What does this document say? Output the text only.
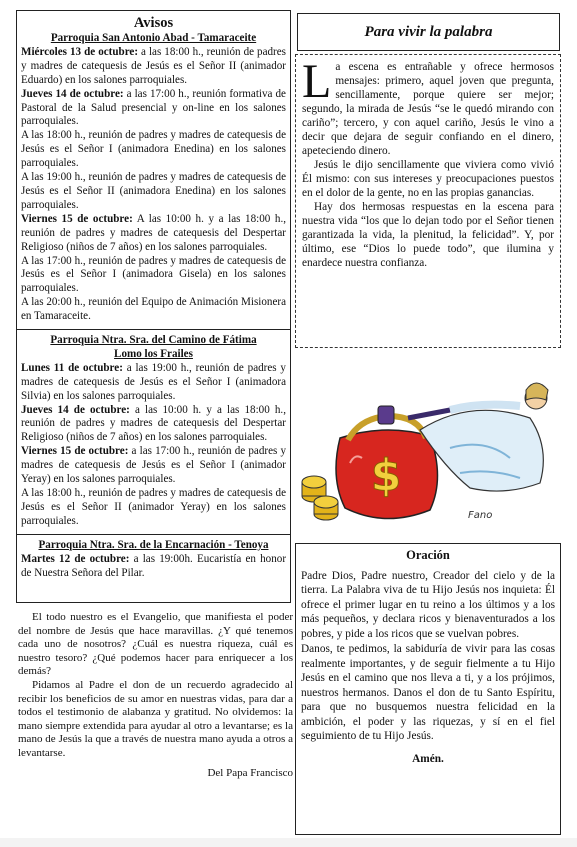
Avisos
Parroquia San Antonio Abad - Tamaraceite
Miércoles 13 de octubre: a las 18:00 h., reunión de padres y madres de catequesis de Jesús es el Señor II (animador Eduardo) en los salones parroquiales.
Jueves 14 de octubre: a las 17:00 h., reunión formativa de Pastoral de la Salud presencial y on-line en los salones parroquiales.
A las 18:00 h., reunión de padres y madres de catequesis de Jesús es el Señor I (animadora Enedina) en los salones parroquiales.
A las 19:00 h., reunión de padres y madres de catequesis de Jesús es el Señor II (animadora Enedina) en los salones parroquiales.
Viernes 15 de octubre: A las 10:00 h. y a las 18:00 h., reunión de padres y madres de catequesis del Despertar Religioso (niños de 7 años) en los salones parroquiales.
A las 17:00 h., reunión de padres y madres de catequesis de Jesús es el Señor I (animadora Gisela) en los salones parroquiales.
A las 20:00 h., reunión del Equipo de Animación Misionera en Tamaraceite.
Parroquia Ntra. Sra. del Camino de Fátima
Lomo los Frailes
Lunes 11 de octubre: a las 19:00 h., reunión de padres y madres de catequesis de Jesús es el Señor I (animadora Silvia) en los salones parroquiales.
Jueves 14 de octubre: a las 10:00 h. y a las 18:00 h., reunión de padres y madres de catequesis del Despertar Religioso (niños de 7 años) en los salones parroquiales.
Viernes 15 de octubre: a las 17:00 h., reunión de padres y madres de catequesis de Jesús es el Señor I (animador Yeray) en los salones parroquiales.
A las 18:00 h., reunión de padres y madres de catequesis de Jesús es el Señor II (animador Yeray) en los salones parroquiales.
Parroquia Ntra. Sra. de la Encarnación - Tenoya
Martes 12 de octubre: a las 19:00h. Eucaristía en honor de Nuestra Señora del Pilar.
El todo nuestro es el Evangelio, que manifiesta el poder del nombre de Jesús que hace maravillas. ¿Y qué tenemos cada uno de nosotros? ¿Cuál es nuestra riqueza, cuál es nuestro tesoro? ¿Qué podemos hacer para enriquecer a los demás?
Pidamos al Padre el don de un recuerdo agradecido al recibir los beneficios de su amor en nuestras vidas, para dar a todos el testimonio de alabanza y gratitud. No olvidemos: la mano siempre extendida para ayudar al otro a levantarse; es la mano de Jesús la que a través de nuestra mano ayuda a otros a levantarse.
Del Papa Francisco
Para vivir la palabra
La escena es entrañable y ofrece hermosos mensajes: primero, aquel joven que pregunta, sencillamente, porque quiere ser mejor; segundo, la mirada de Jesús “se le quedó mirando con cariño”; tercero, y con aquel cariño, Jesús le vino a decir que dejara de seguir confiando en el dinero, apeteciendo dinero.
Jesús le dijo sencillamente que viviera como vivió Él mismo: con sus intereses y preocupaciones puestos en el dolor de la gente, no en las propias ganancias.
Hay dos hermosas respuestas en la escena para nuestra vida “los que lo dejan todo por el Señor tienen garantizada la vida, la plenitud, la felicidad”. Y, por último, ese “Dios lo puede todo”, que ilumina y enardece nuestra confianza.
$
Fano
Oración
Padre Dios, Padre nuestro, Creador del cielo y de la tierra. La Palabra viva de tu Hijo Jesús nos inquieta: Él ofrece el primer lugar en tu reino a los últimos y a los más pequeños, y declara ricos y bienaventurados a los pobres, y pide a los ricos que se vuelvan pobres.
Danos, te pedimos, la sabiduría de vivir para las cosas realmente importantes, y de seguir fielmente a tu Hijo Jesús en el camino que nos lleva a ti, y a los prójimos, nuestros hermanos. Danos el don de tu Santo Espíritu, para que no busquemos nuestra felicidad en la ambición, el poder y las riquezas, y sí en el fiel seguimiento de tu Hijo Jesús.
Amén.
